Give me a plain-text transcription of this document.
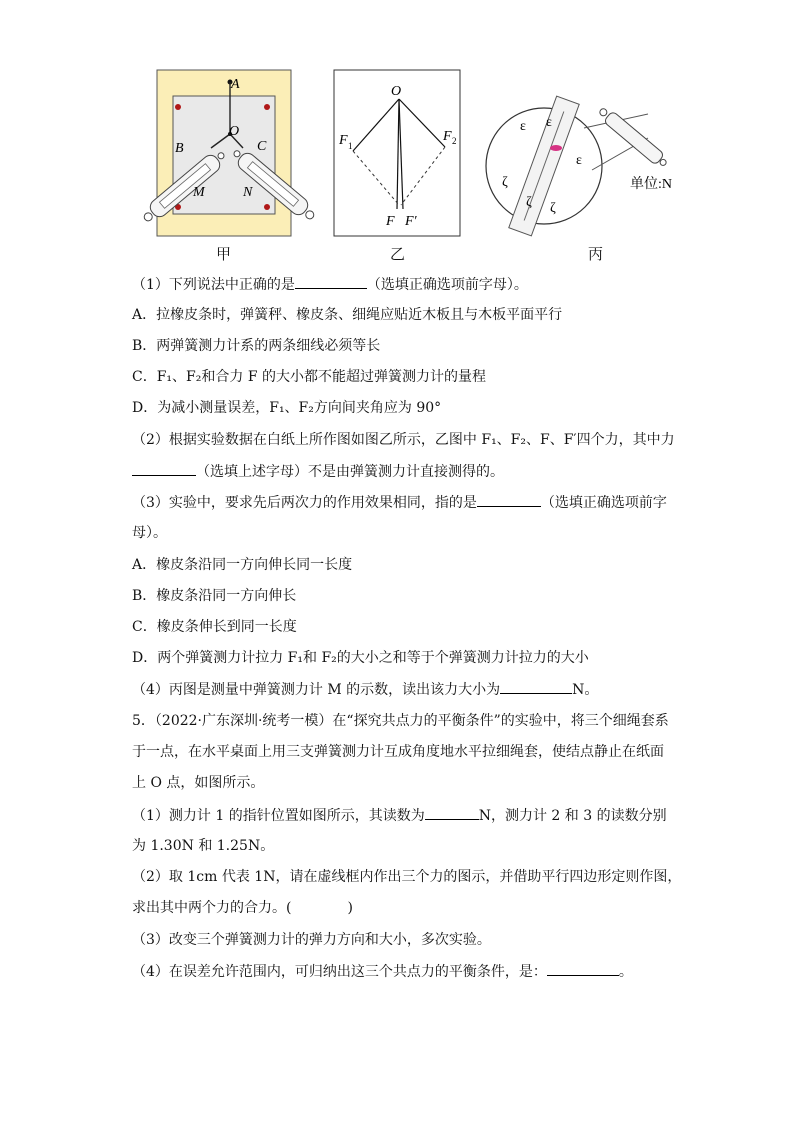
A
O
B	C
M	N
甲
O
F 1
F 2
F F′
乙
ε
ε
ε
ζ
ζ
ζ
单位:N
丙
（1）下列说法中正确的是	（选填正确选项前字母）。
A．拉橡皮条时，弹簧秤、橡皮条、细绳应贴近木板且与木板平面平行
B．两弹簧测力计系的两条细线必须等长
C．F₁、F₂和合力 F 的大小都不能超过弹簧测力计的量程
D．为减小测量误差，F₁、F₂方向间夹角应为 90°
（2）根据实验数据在白纸上所作图如图乙所示，乙图中 F₁、F₂、F、F′四个力，其中力
（选填上述字母）不是由弹簧测力计直接测得的。
（3）实验中，要求先后两次力的作用效果相同，指的是	（选填正确选项前字
母）。
A．橡皮条沿同一方向伸长同一长度
B．橡皮条沿同一方向伸长
C．橡皮条伸长到同一长度
D．两个弹簧测力计拉力 F₁和 F₂的大小之和等于个弹簧测力计拉力的大小
（4）丙图是测量中弹簧测力计 M 的示数，读出该力大小为	N。
5．（2022·广东深圳·统考一模）在“探究共点力的平衡条件”的实验中，将三个细绳套系
于一点，在水平桌面上用三支弹簧测力计互成角度地水平拉细绳套，使结点静止在纸面
上 O 点，如图所示。
（1）测力计 1 的指针位置如图所示，其读数为	N，测力计 2 和 3 的读数分别
为 1.30N 和 1.25N。
（2）取 1cm 代表 1N，请在虚线框内作出三个力的图示，并借助平行四边形定则作图，
求出其中两个力的合力。(	)
（3）改变三个弹簧测力计的弹力方向和大小，多次实验。
（4）在误差允许范围内，可归纳出这三个共点力的平衡条件，是：	。
